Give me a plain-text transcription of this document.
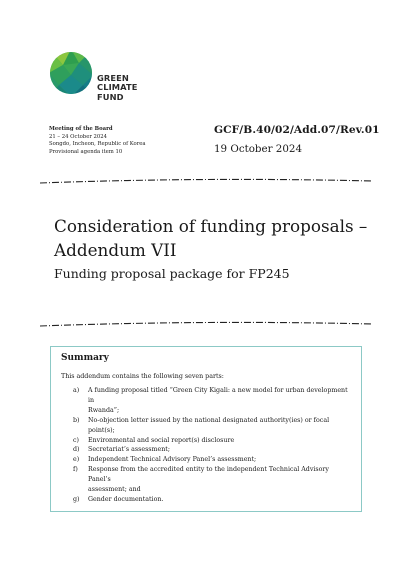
GREEN
CLIMATE
FUND
Meeting of the Board
21 – 24 October 2024
Songdo, Incheon, Republic of Korea
Provisional agenda item 10
GCF/B.40/02/Add.07/Rev.01
19 October 2024
Consideration of funding proposals –
Addendum VII
Funding proposal package for FP245
Summary
This addendum contains the following seven parts:
a) A funding proposal titled “Green City Kigali: a new model for urban development in
Rwanda”;
b) No-objection letter issued by the national designated authority(ies) or focal
point(s);
c) Environmental and social report(s) disclosure
d) Secretariat’s assessment;
e) Independent Technical Advisory Panel’s assessment;
f) Response from the accredited entity to the independent Technical Advisory Panel’s
assessment; and
g) Gender documentation.
